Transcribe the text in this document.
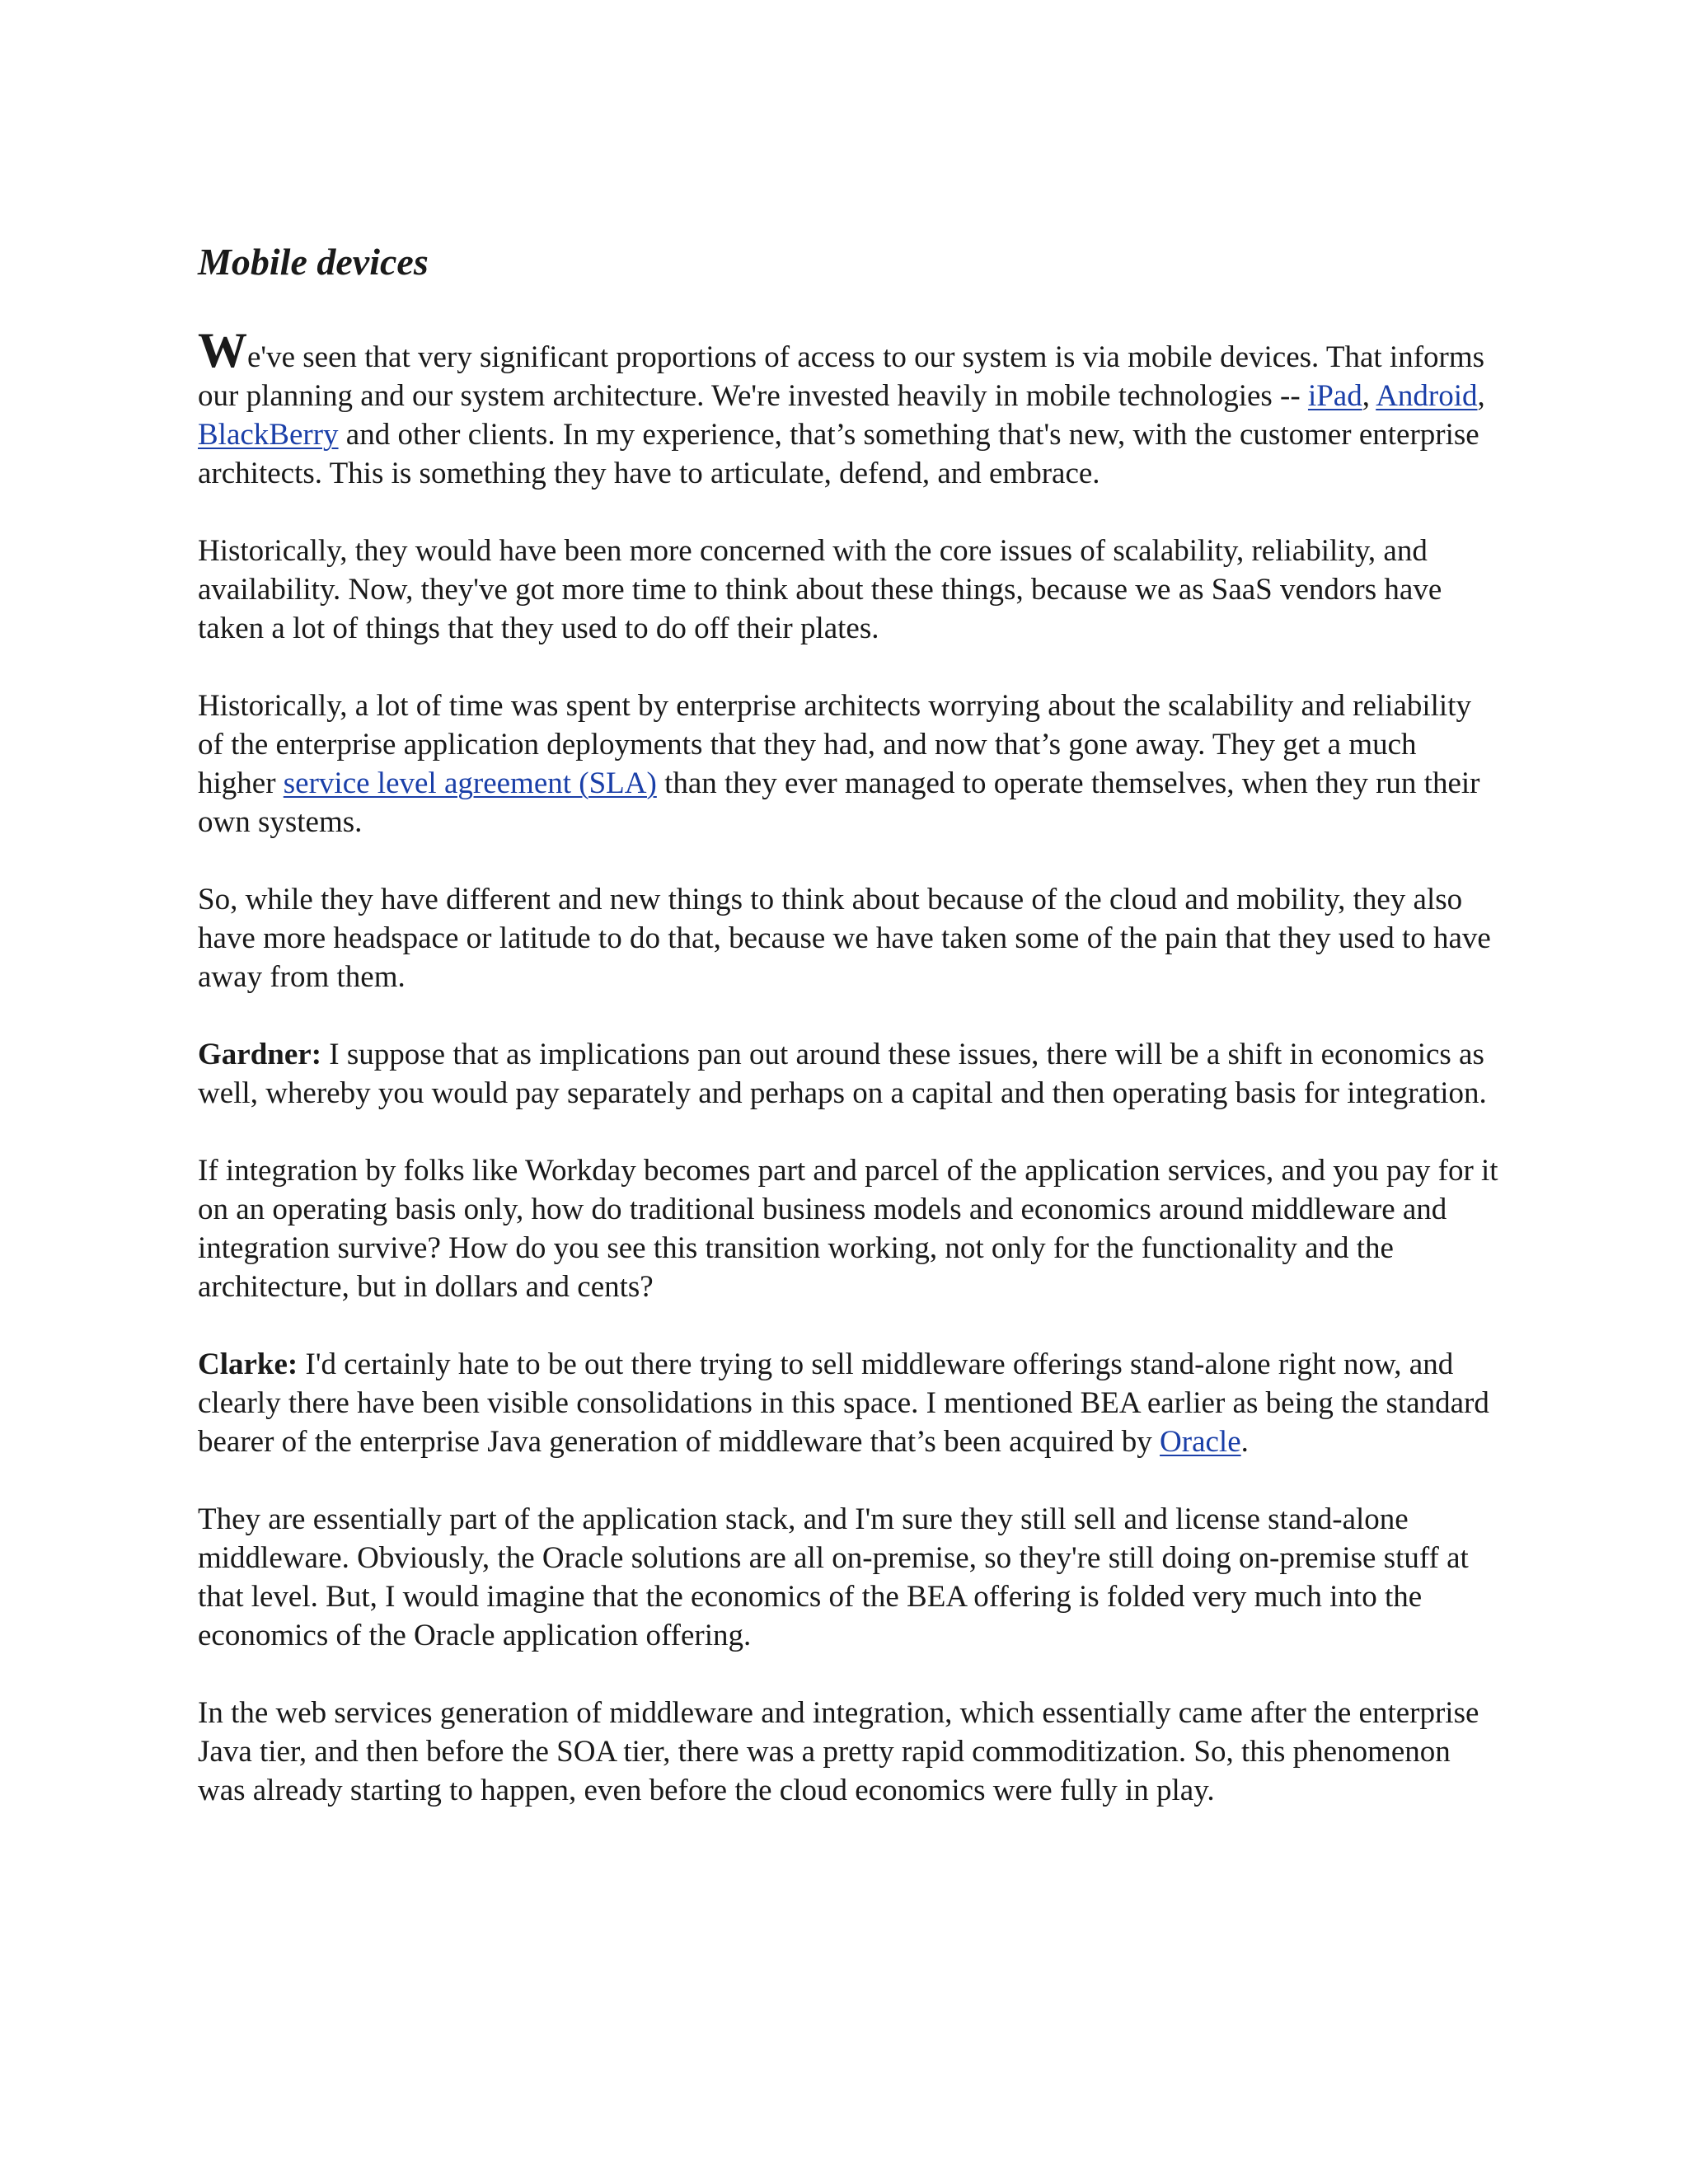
Mobile devices

We've seen that very significant proportions of access to our system is via mobile devices. That informs our planning and our system architecture. We're invested heavily in mobile technologies -- iPad, Android, BlackBerry and other clients. In my experience, that’s something that's new, with the customer enterprise architects. This is something they have to articulate, defend, and embrace.

Historically, they would have been more concerned with the core issues of scalability, reliability, and availability. Now, they've got more time to think about these things, because we as SaaS vendors have taken a lot of things that they used to do off their plates.

Historically, a lot of time was spent by enterprise architects worrying about the scalability and reliability of the enterprise application deployments that they had, and now that’s gone away. They get a much higher service level agreement (SLA) than they ever managed to operate themselves, when they run their own systems.

So, while they have different and new things to think about because of the cloud and mobility, they also have more headspace or latitude to do that, because we have taken some of the pain that they used to have away from them.

Gardner: I suppose that as implications pan out around these issues, there will be a shift in economics as well, whereby you would pay separately and perhaps on a capital and then operating basis for integration.

If integration by folks like Workday becomes part and parcel of the application services, and you pay for it on an operating basis only, how do traditional business models and economics around middleware and integration survive? How do you see this transition working, not only for the functionality and the architecture, but in dollars and cents?

Clarke: I'd certainly hate to be out there trying to sell middleware offerings stand-alone right now, and clearly there have been visible consolidations in this space. I mentioned BEA earlier as being the standard bearer of the enterprise Java generation of middleware that’s been acquired by Oracle.

They are essentially part of the application stack, and I'm sure they still sell and license stand-alone middleware. Obviously, the Oracle solutions are all on-premise, so they're still doing on-premise stuff at that level. But, I would imagine that the economics of the BEA offering is folded very much into the economics of the Oracle application offering.

In the web services generation of middleware and integration, which essentially came after the enterprise Java tier, and then before the SOA tier, there was a pretty rapid commoditization. So, this phenomenon was already starting to happen, even before the cloud economics were fully in play.
